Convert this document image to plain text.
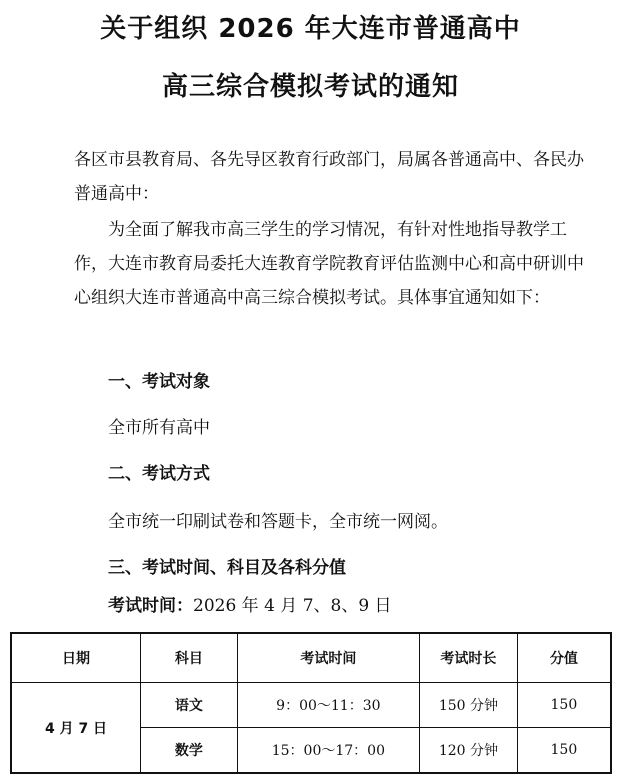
关于组织 2026 年大连市普通高中
高三综合模拟考试的通知

各区市县教育局、各先导区教育行政部门，局属各普通高中、各民办普通高中：

为全面了解我市高三学生的学习情况，有针对性地指导教学工作，大连市教育局委托大连教育学院教育评估监测中心和高中研训中心组织大连市普通高中高三综合模拟考试。具体事宜通知如下：

一、考试对象

全市所有高中

二、考试方式

全市统一印刷试卷和答题卡，全市统一网阅。

三、考试时间、科目及各科分值

考试时间：2026 年 4 月 7、8、9 日

日期	科目	考试时间	考试时长	分值
4 月 7 日	语文	9：00～11：30	150 分钟	150
	数学	15：00～17：00	120 分钟	150
